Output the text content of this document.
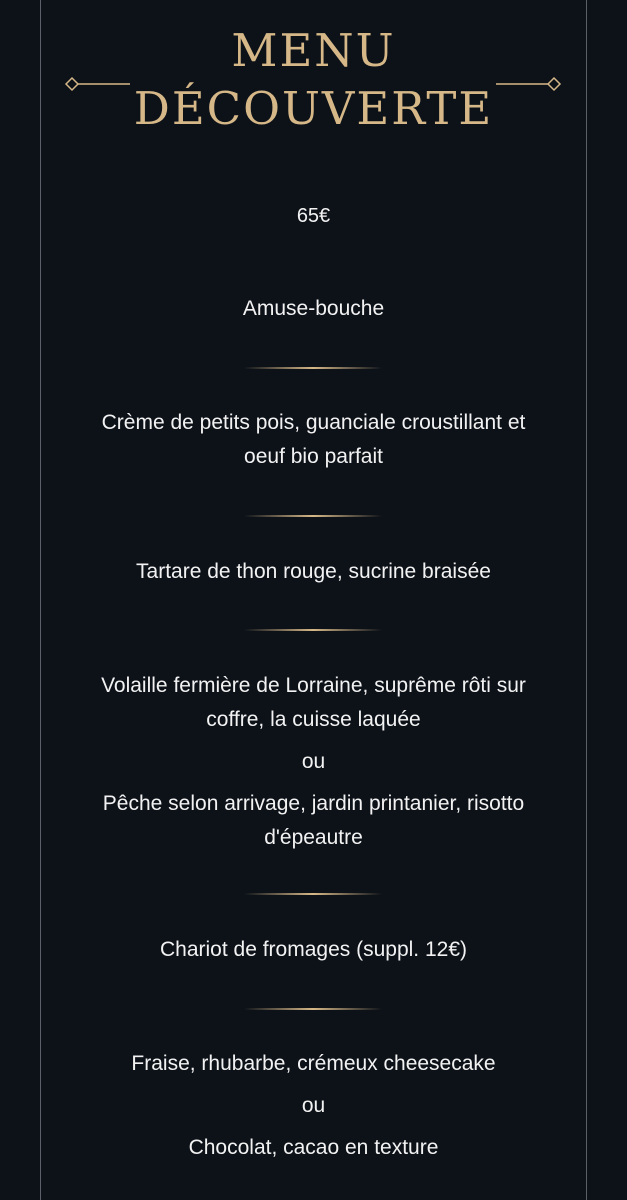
MENU
DÉCOUVERTE
65€
Amuse-bouche
Crème de petits pois, guanciale croustillant et
oeuf bio parfait
Tartare de thon rouge, sucrine braisée
Volaille fermière de Lorraine, suprême rôti sur
coffre, la cuisse laquée
ou
Pêche selon arrivage, jardin printanier, risotto
d'épeautre
Chariot de fromages (suppl. 12€)
Fraise, rhubarbe, crémeux cheesecake
ou
Chocolat, cacao en texture
